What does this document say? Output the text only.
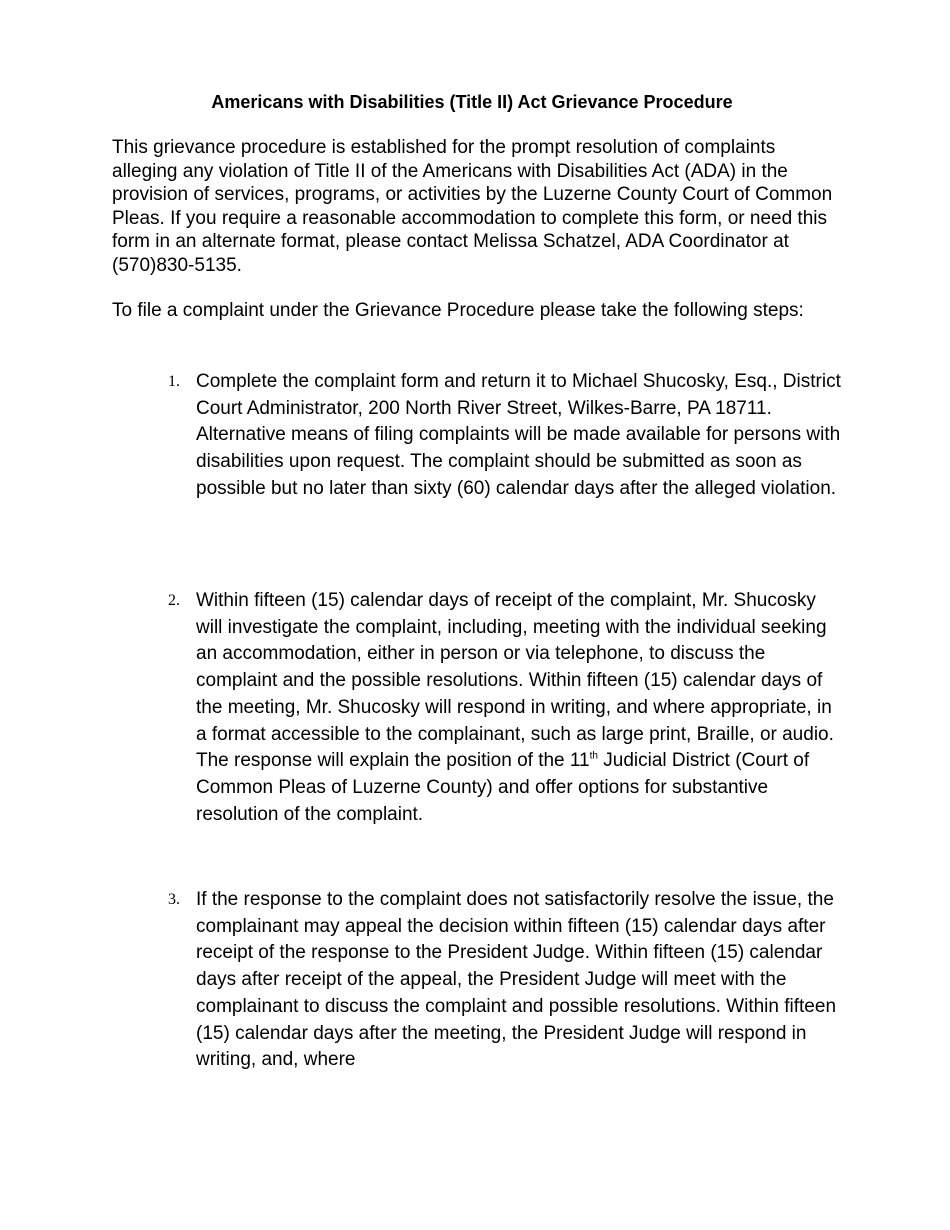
Americans with Disabilities (Title II) Act Grievance Procedure
This grievance procedure is established for the prompt resolution of complaints alleging any violation of Title II of the Americans with Disabilities Act (ADA) in the provision of services, programs, or activities by the Luzerne County Court of Common Pleas. If you require a reasonable accommodation to complete this form, or need this form in an alternate format, please contact Melissa Schatzel, ADA Coordinator at (570)830-5135.
To file a complaint under the Grievance Procedure please take the following steps:
1. Complete the complaint form and return it to Michael Shucosky, Esq., District Court Administrator, 200 North River Street, Wilkes-Barre, PA 18711. Alternative means of filing complaints will be made available for persons with disabilities upon request. The complaint should be submitted as soon as possible but no later than sixty (60) calendar days after the alleged violation.
2. Within fifteen (15) calendar days of receipt of the complaint, Mr. Shucosky will investigate the complaint, including, meeting with the individual seeking an accommodation, either in person or via telephone, to discuss the complaint and the possible resolutions. Within fifteen (15) calendar days of the meeting, Mr. Shucosky will respond in writing, and where appropriate, in a format accessible to the complainant, such as large print, Braille, or audio. The response will explain the position of the 11th Judicial District (Court of Common Pleas of Luzerne County) and offer options for substantive resolution of the complaint.
3. If the response to the complaint does not satisfactorily resolve the issue, the complainant may appeal the decision within fifteen (15) calendar days after receipt of the response to the President Judge. Within fifteen (15) calendar days after receipt of the appeal, the President Judge will meet with the complainant to discuss the complaint and possible resolutions. Within fifteen (15) calendar days after the meeting, the President Judge will respond in writing, and, where
